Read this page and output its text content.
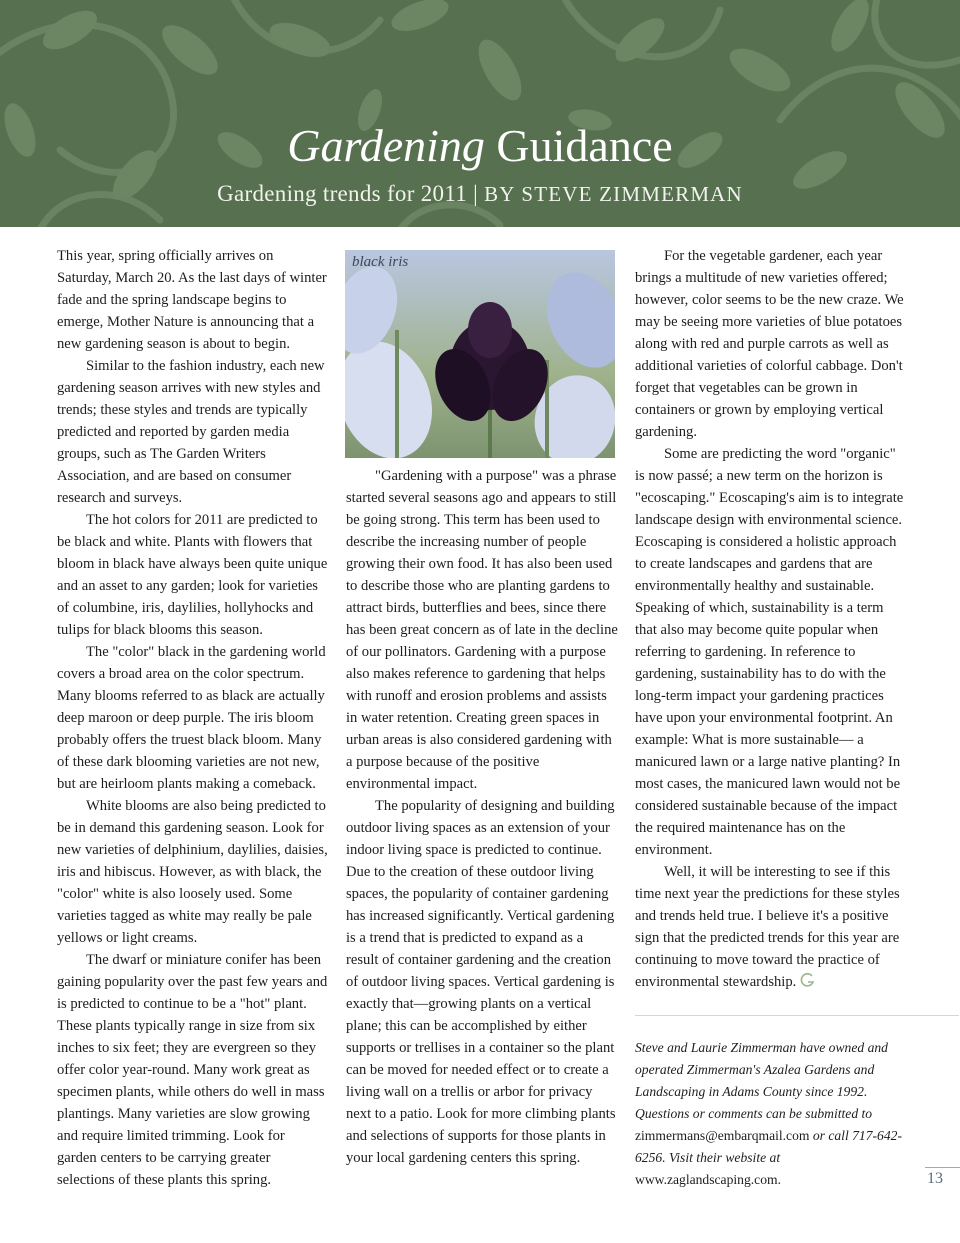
Gardening Guidance
Gardening trends for 2011 | BY STEVE ZIMMERMAN

This year, spring officially arrives on Saturday, March 20. As the last days of winter fade and the spring landscape begins to emerge, Mother Nature is announcing that a new gardening season is about to begin.

Similar to the fashion industry, each new gardening season arrives with new styles and trends; these styles and trends are typically predicted and reported by garden media groups, such as The Garden Writers Association, and are based on consumer research and surveys.

The hot colors for 2011 are predicted to be black and white. Plants with flowers that bloom in black have always been quite unique and an asset to any garden; look for varieties of columbine, iris, daylilies, hollyhocks and tulips for black blooms this season.

The "color" black in the gardening world covers a broad area on the color spectrum. Many blooms referred to as black are actually deep maroon or deep purple. The iris bloom probably offers the truest black bloom. Many of these dark blooming varieties are not new, but are heirloom plants making a comeback.

White blooms are also being predicted to be in demand this gardening season. Look for new varieties of delphinium, daylilies, daisies, iris and hibiscus. However, as with black, the "color" white is also loosely used. Some varieties tagged as white may really be pale yellows or light creams.

The dwarf or miniature conifer has been gaining popularity over the past few years and is predicted to continue to be a "hot" plant. These plants typically range in size from six inches to six feet; they are evergreen so they offer color year-round. Many work great as specimen plants, while others do well in mass plantings. Many varieties are slow growing and require limited trimming. Look for garden centers to be carrying greater selections of these plants this spring.

black iris

"Gardening with a purpose" was a phrase started several seasons ago and appears to still be going strong. This term has been used to describe the increasing number of people growing their own food. It has also been used to describe those who are planting gardens to attract birds, butterflies and bees, since there has been great concern as of late in the decline of our pollinators. Gardening with a purpose also makes reference to gardening that helps with runoff and erosion problems and assists in water retention. Creating green spaces in urban areas is also considered gardening with a purpose because of the positive environmental impact.

The popularity of designing and building outdoor living spaces as an extension of your indoor living space is predicted to continue. Due to the creation of these outdoor living spaces, the popularity of container gardening has increased significantly. Vertical gardening is a trend that is predicted to expand as a result of container gardening and the creation of outdoor living spaces. Vertical gardening is exactly that—growing plants on a vertical plane; this can be accomplished by either supports or trellises in a container so the plant can be moved for needed effect or to create a living wall on a trellis or arbor for privacy next to a patio. Look for more climbing plants and selections of supports for those plants in your local gardening centers this spring.

For the vegetable gardener, each year brings a multitude of new varieties offered; however, color seems to be the new craze. We may be seeing more varieties of blue potatoes along with red and purple carrots as well as additional varieties of colorful cabbage. Don't forget that vegetables can be grown in containers or grown by employing vertical gardening.

Some are predicting the word "organic" is now passé; a new term on the horizon is "ecoscaping." Ecoscaping's aim is to integrate landscape design with environmental science. Ecoscaping is considered a holistic approach to create landscapes and gardens that are environmentally healthy and sustainable. Speaking of which, sustainability is a term that also may become quite popular when referring to gardening. In reference to gardening, sustainability has to do with the long-term impact your gardening practices have upon your environmental footprint. An example: What is more sustainable— a manicured lawn or a large native planting? In most cases, the manicured lawn would not be considered sustainable because of the impact the required maintenance has on the environment.

Well, it will be interesting to see if this time next year the predictions for these styles and trends held true. I believe it's a positive sign that the predicted trends for this year are continuing to move toward the practice of environmental stewardship.

Steve and Laurie Zimmerman have owned and operated Zimmerman's Azalea Gardens and Landscaping in Adams County since 1992. Questions or comments can be submitted to zimmermans@embarqmail.com or call 717-642-6256. Visit their website at www.zaglandscaping.com.	13
